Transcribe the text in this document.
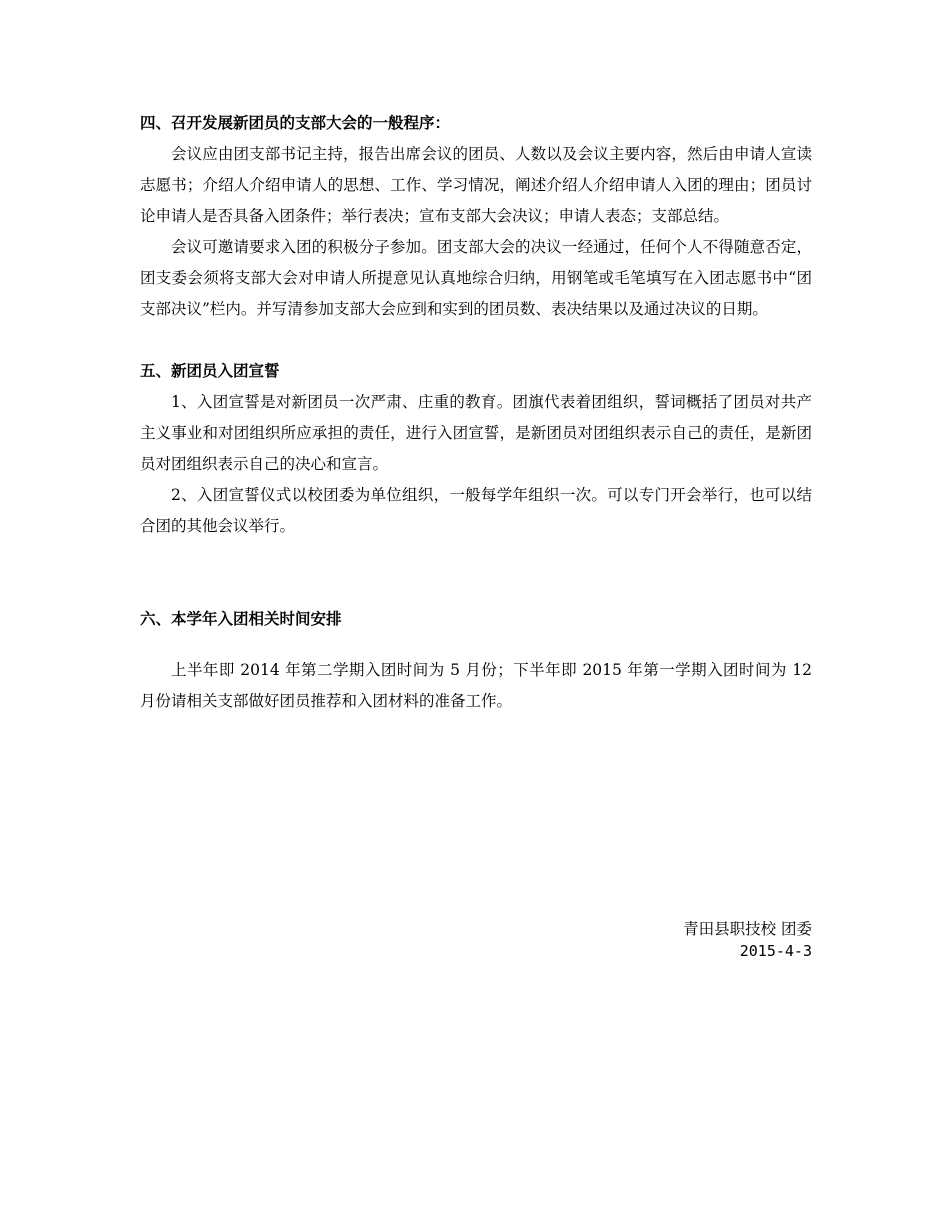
四、召开发展新团员的支部大会的一般程序：

会议应由团支部书记主持，报告出席会议的团员、人数以及会议主要内容，然后由申请人宣读志愿书；介绍人介绍申请人的思想、工作、学习情况，阐述介绍人介绍申请人入团的理由；团员讨论申请人是否具备入团条件；举行表决；宣布支部大会决议；申请人表态；支部总结。

会议可邀请要求入团的积极分子参加。团支部大会的决议一经通过，任何个人不得随意否定，团支委会须将支部大会对申请人所提意见认真地综合归纳，用钢笔或毛笔填写在入团志愿书中“团支部决议”栏内。并写清参加支部大会应到和实到的团员数、表决结果以及通过决议的日期。

五、新团员入团宣誓

1、入团宣誓是对新团员一次严肃、庄重的教育。团旗代表着团组织，誓词概括了团员对共产主义事业和对团组织所应承担的责任，进行入团宣誓，是新团员对团组织表示自己的责任，是新团员对团组织表示自己的决心和宣言。

2、入团宣誓仪式以校团委为单位组织，一般每学年组织一次。可以专门开会举行，也可以结合团的其他会议举行。

六、本学年入团相关时间安排

上半年即 2014 年第二学期入团时间为 5 月份；下半年即 2015 年第一学期入团时间为 12 月份请相关支部做好团员推荐和入团材料的准备工作。

青田县职技校 团委
2015-4-3
